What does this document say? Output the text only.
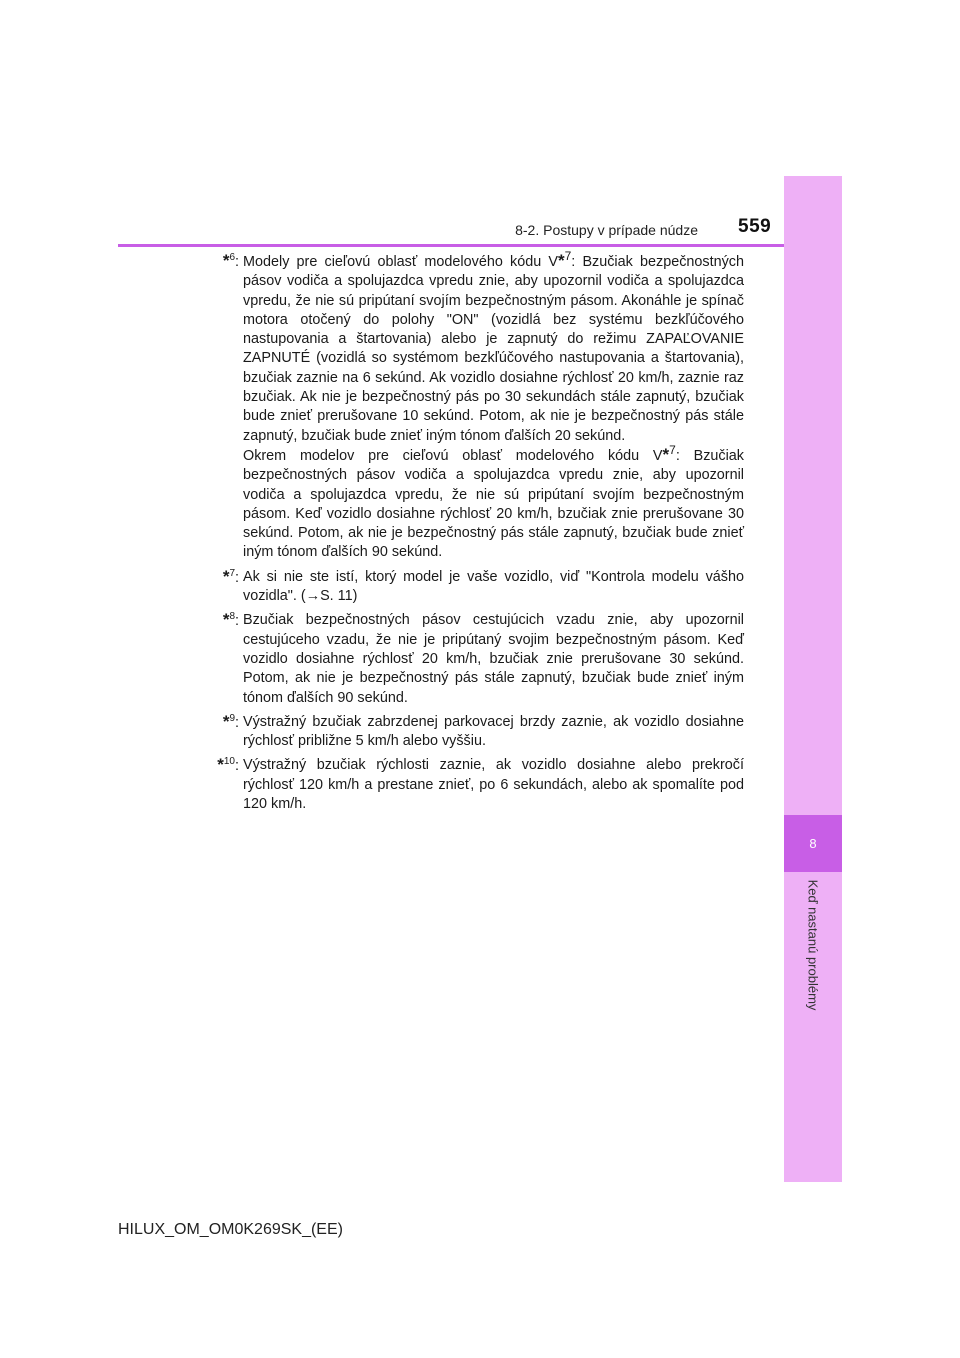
8
Keď nastanú problémy
8-2. Postupy v prípade núdze 559
*$^6$: Modely pre cieľovú oblasť modelového kódu V*$^7$: Bzučiak bezpečnostných pásov vodiča a spolujazdca vpredu znie, aby upozornil vodiča a spolujazdca vpredu, že nie sú pripútaní svojím bezpečnostným pásom. Akonáhle je spínač motora otočený do polohy "ON" (vozidlá bez systému bezkľúčového nastupovania a štartovania) alebo je zapnutý do režimu ZAPAĽOVANIE ZAPNUTÉ (vozidlá so systémom bezkľúčového nastupovania a štartovania), bzučiak zaznie na 6 sekúnd. Ak vozidlo dosiahne rýchlosť 20 km/h, zaznie raz bzučiak. Ak nie je bezpečnostný pás po 30 sekundách stále zapnutý, bzučiak bude znieť prerušovane 10 sekúnd. Potom, ak nie je bezpečnostný pás stále zapnutý, bzučiak bude znieť iným tónom ďalších 20 sekúnd.

Okrem modelov pre cieľovú oblasť modelového kódu V*$^7$: Bzučiak bezpečnostných pásov vodiča a spolujazdca vpredu znie, aby upozornil vodiča a spolujazdca vpredu, že nie sú pripútaní svojím bezpečnostným pásom. Keď vozidlo dosiahne rýchlosť 20 km/h, bzučiak znie prerušovane 30 sekúnd. Potom, ak nie je bezpečnostný pás stále zapnutý, bzučiak bude znieť iným tónom ďalších 90 sekúnd.

*$^7$: Ak si nie ste istí, ktorý model je vaše vozidlo, viď "Kontrola modelu vášho vozidla". (→S. 11)

*$^8$: Bzučiak bezpečnostných pásov cestujúcich vzadu znie, aby upozornil cestujúceho vzadu, že nie je pripútaný svojim bezpečnostným pásom. Keď vozidlo dosiahne rýchlosť 20 km/h, bzučiak znie prerušovane 30 sekúnd. Potom, ak nie je bezpečnostný pás stále zapnutý, bzučiak bude znieť iným tónom ďalších 90 sekúnd.

*$^9$: Výstražný bzučiak zabrzdenej parkovacej brzdy zaznie, ak vozidlo dosiahne rýchlosť približne 5 km/h alebo vyššiu.

*$^{10}$: Výstražný bzučiak rýchlosti zaznie, ak vozidlo dosiahne alebo prekročí rýchlosť 120 km/h a prestane znieť, po 6 sekundách, alebo ak spomalíte pod 120 km/h.

HILUX_OM_OM0K269SK_(EE)
